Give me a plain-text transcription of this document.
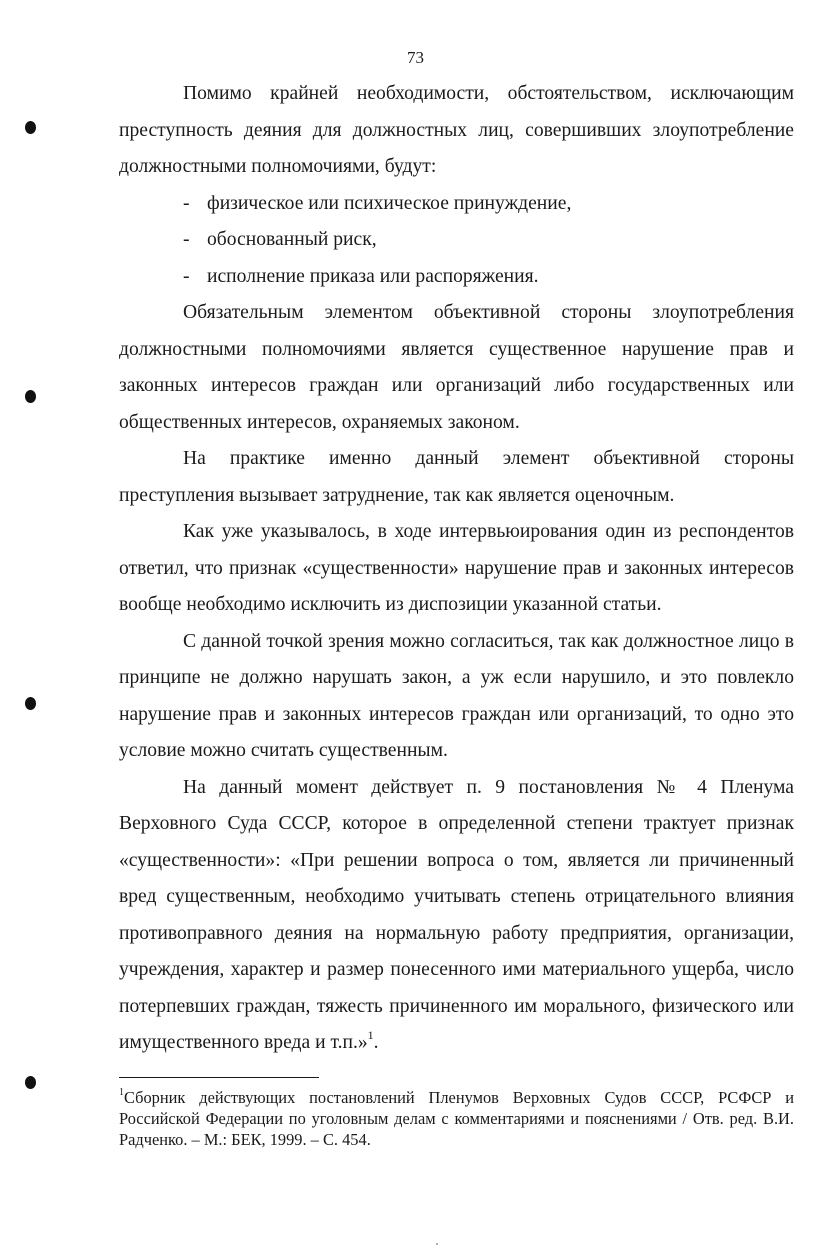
73

Помимо крайней необходимости, обстоятельством, исключающим преступность деяния для должностных лиц, совершивших злоупотребление должностными полномочиями, будут:

- физическое или психическое принуждение,
- обоснованный риск,
- исполнение приказа или распоряжения.

Обязательным элементом объективной стороны злоупотребления должностными полномочиями является существенное нарушение прав и законных интересов граждан или организаций либо государственных или общественных интересов, охраняемых законом.

На практике именно данный элемент объективной стороны преступления вызывает затруднение, так как является оценочным.

Как уже указывалось, в ходе интервьюирования один из респондентов ответил, что признак «существенности» нарушение прав и законных интересов вообще необходимо исключить из диспозиции указанной статьи.

С данной точкой зрения можно согласиться, так как должностное лицо в принципе не должно нарушать закон, а уж если нарушило, и это повлекло нарушение прав и законных интересов граждан или организаций, то одно это условие можно считать существенным.

На данный момент действует п. 9 постановления № 4 Пленума Верховного Суда СССР, которое в определенной степени трактует признак «существенности»: «При решении вопроса о том, является ли причиненный вред существенным, необходимо учитывать степень отрицательного влияния противоправного деяния на нормальную работу предприятия, организации, учреждения, характер и размер понесенного ими материального ущерба, число потерпевших граждан, тяжесть причиненного им морального, физического или имущественного вреда и т.п.»$^1$.

$^1$Сборник действующих постановлений Пленумов Верховных Судов СССР, РСФСР и Российской Федерации по уголовным делам с комментариями и пояснениями / Отв. ред. В.И. Радченко. – М.: БЕК, 1999. – С. 454.
